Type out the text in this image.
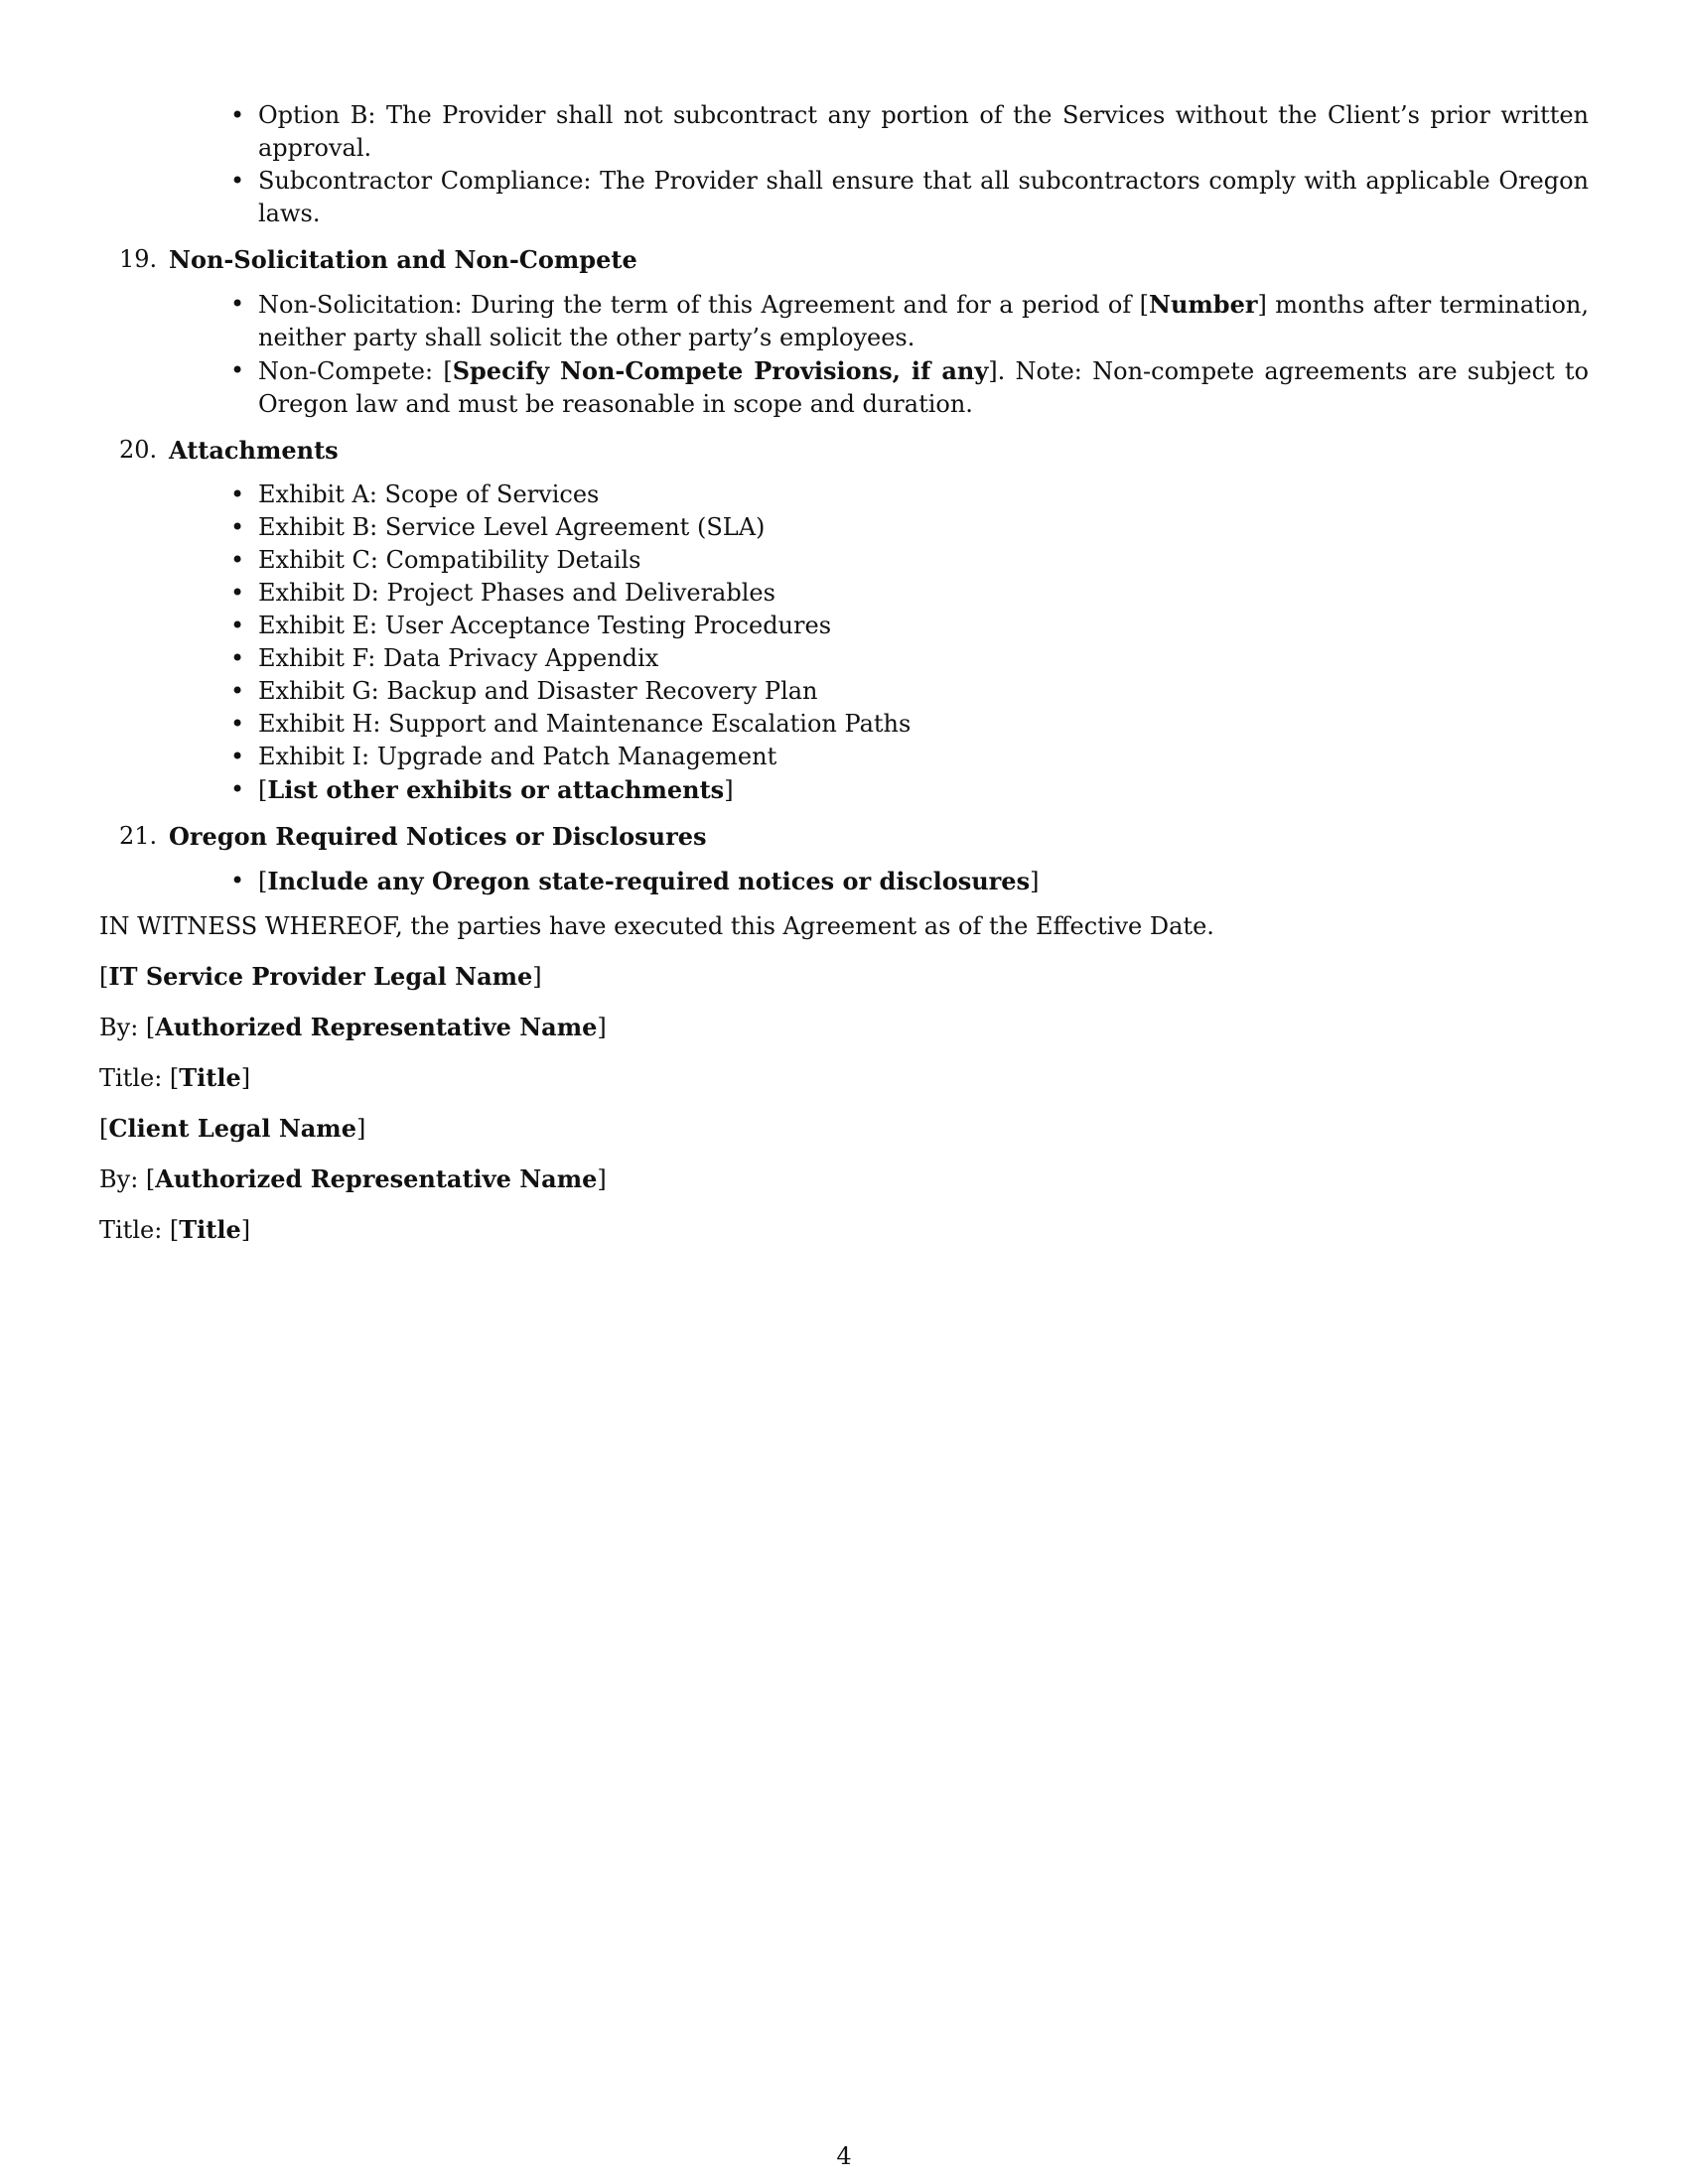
• Option B: The Provider shall not subcontract any portion of the Services without the Client’s prior written approval.
• Subcontractor Compliance: The Provider shall ensure that all subcontractors comply with applicable Oregon laws.
19. Non-Solicitation and Non-Compete
• Non-Solicitation: During the term of this Agreement and for a period of [Number] months after termination, neither party shall solicit the other party’s employees.
• Non-Compete: [Specify Non-Compete Provisions, if any]. Note: Non-compete agreements are subject to Oregon law and must be reasonable in scope and duration.
20. Attachments
• Exhibit A: Scope of Services
• Exhibit B: Service Level Agreement (SLA)
• Exhibit C: Compatibility Details
• Exhibit D: Project Phases and Deliverables
• Exhibit E: User Acceptance Testing Procedures
• Exhibit F: Data Privacy Appendix
• Exhibit G: Backup and Disaster Recovery Plan
• Exhibit H: Support and Maintenance Escalation Paths
• Exhibit I: Upgrade and Patch Management
• [List other exhibits or attachments]
21. Oregon Required Notices or Disclosures
• [Include any Oregon state-required notices or disclosures]
IN WITNESS WHEREOF, the parties have executed this Agreement as of the Effective Date.
[IT Service Provider Legal Name]
By: [Authorized Representative Name]
Title: [Title]
[Client Legal Name]
By: [Authorized Representative Name]
Title: [Title]
4
